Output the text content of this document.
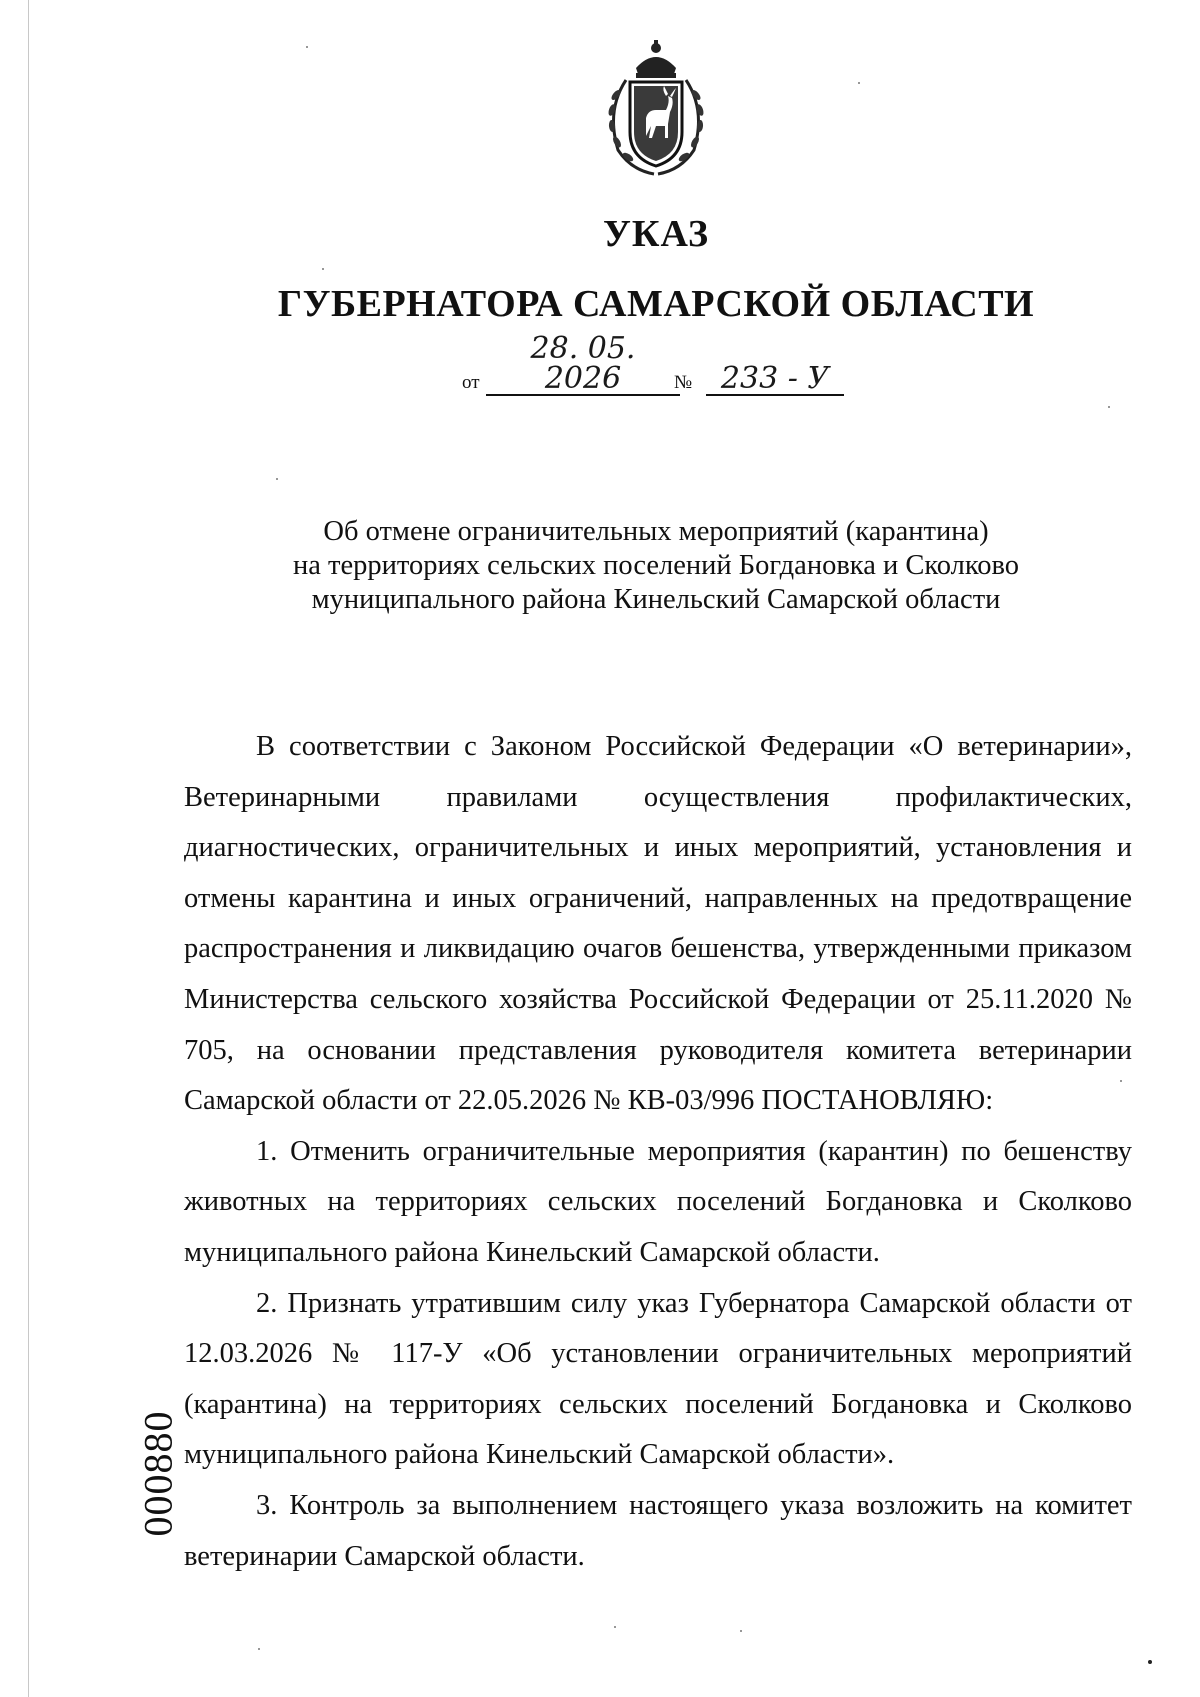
УКАЗ
ГУБЕРНАТОРА САМАРСКОЙ ОБЛАСТИ
от
28. 05. 2026	№ 233 - У
Об отмене ограничительных мероприятий (карантина)
на территориях сельских поселений Богдановка и Сколково
муниципального района Кинельский Самарской области

В соответствии с Законом Российской Федерации «О ветеринарии», Ветеринарными правилами осуществления профилактических, диагностических, ограничительных и иных мероприятий, установления и отмены карантина и иных ограничений, направленных на предотвращение распространения и ликвидацию очагов бешенства, утвержденными приказом Министерства сельского хозяйства Российской Федерации от 25.11.2020 № 705, на основании представления руководителя комитета ветеринарии Самарской области от 22.05.2026 № КВ-03/996 ПОСТАНОВЛЯЮ:

1. Отменить ограничительные мероприятия (карантин) по бешенству животных на территориях сельских поселений Богдановка и Сколково муниципального района Кинельский Самарской области.

2. Признать утратившим силу указ Губернатора Самарской области от 12.03.2026 № 117-У «Об установлении ограничительных мероприятий (карантина) на территориях сельских поселений Богдановка и Сколково муниципального района Кинельский Самарской области».

3. Контроль за выполнением настоящего указа возложить на комитет ветеринарии Самарской области.

000880
